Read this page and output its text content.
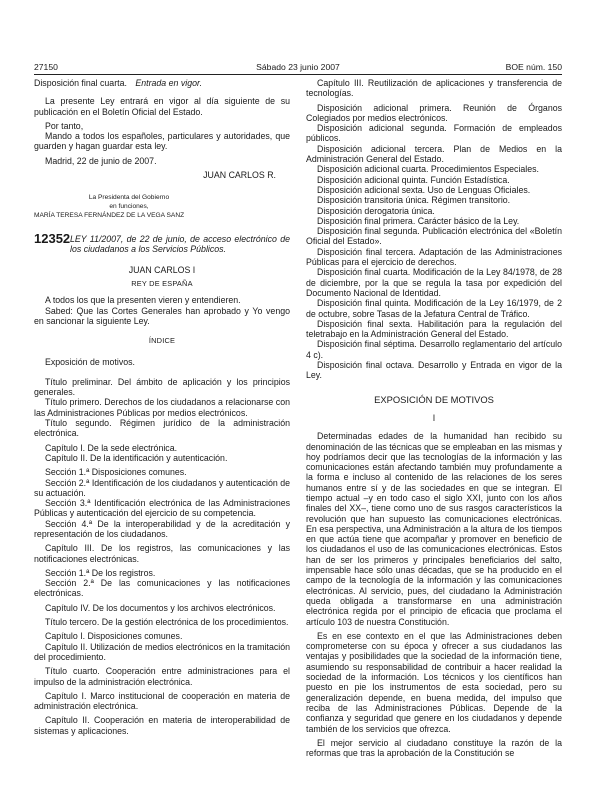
27150	Sábado 23 junio 2007	BOE núm. 150

Disposición final cuarta. Entrada en vigor.

La presente Ley entrará en vigor al día siguiente de su publicación en el Boletín Oficial del Estado.

Por tanto,

Mando a todos los españoles, particulares y autoridades, que guarden y hagan guardar esta ley.

Madrid, 22 de junio de 2007.

JUAN CARLOS R.
La Presidenta del Gobierno
en funciones,
MARÍA TERESA FERNÁNDEZ DE LA VEGA SANZ
12352 LEY 11/2007, de 22 de junio, de acceso electrónico de los ciudadanos a los Servicios Públicos.
JUAN CARLOS I
REY DE ESPAÑA

A todos los que la presenten vieren y entendieren.

Sabed: Que las Cortes Generales han aprobado y Yo vengo en sancionar la siguiente Ley.

ÍNDICE

Exposición de motivos.

Título preliminar. Del ámbito de aplicación y los principios generales.

Título primero. Derechos de los ciudadanos a relacionarse con las Administraciones Públicas por medios electrónicos.

Título segundo. Régimen jurídico de la administración electrónica.

Capítulo I. De la sede electrónica.

Capítulo II. De la identificación y autenticación.

Sección 1.ª Disposiciones comunes.

Sección 2.ª Identificación de los ciudadanos y autenticación de su actuación.

Sección 3.ª Identificación electrónica de las Administraciones Públicas y autenticación del ejercicio de su competencia.

Sección 4.ª De la interoperabilidad y de la acreditación y representación de los ciudadanos.

Capítulo III. De los registros, las comunicaciones y las notificaciones electrónicas.

Sección 1.ª De los registros.

Sección 2.ª De las comunicaciones y las notificaciones electrónicas.

Capítulo IV. De los documentos y los archivos electrónicos.

Título tercero. De la gestión electrónica de los procedimientos.

Capítulo I. Disposiciones comunes.

Capítulo II. Utilización de medios electrónicos en la tramitación del procedimiento.

Título cuarto. Cooperación entre administraciones para el impulso de la administración electrónica.

Capítulo I. Marco institucional de cooperación en materia de administración electrónica.

Capítulo II. Cooperación en materia de interoperabilidad de sistemas y aplicaciones.

Capítulo III. Reutilización de aplicaciones y transferencia de tecnologías.

Disposición adicional primera. Reunión de Órganos Colegiados por medios electrónicos.

Disposición adicional segunda. Formación de empleados públicos.

Disposición adicional tercera. Plan de Medios en la Administración General del Estado.

Disposición adicional cuarta. Procedimientos Especiales.

Disposición adicional quinta. Función Estadística.

Disposición adicional sexta. Uso de Lenguas Oficiales.

Disposición transitoria única. Régimen transitorio.

Disposición derogatoria única.

Disposición final primera. Carácter básico de la Ley.

Disposición final segunda. Publicación electrónica del «Boletín Oficial del Estado».

Disposición final tercera. Adaptación de las Administraciones Públicas para el ejercicio de derechos.

Disposición final cuarta. Modificación de la Ley 84/1978, de 28 de diciembre, por la que se regula la tasa por expedición del Documento Nacional de Identidad.

Disposición final quinta. Modificación de la Ley 16/1979, de 2 de octubre, sobre Tasas de la Jefatura Central de Tráfico.

Disposición final sexta. Habilitación para la regulación del teletrabajo en la Administración General del Estado.

Disposición final séptima. Desarrollo reglamentario del artículo 4 c).

Disposición final octava. Desarrollo y Entrada en vigor de la Ley.

EXPOSICIÓN DE MOTIVOS
I

Determinadas edades de la humanidad han recibido su denominación de las técnicas que se empleaban en las mismas y hoy podríamos decir que las tecnologías de la información y las comunicaciones están afectando también muy profundamente a la forma e incluso al contenido de las relaciones de los seres humanos entre sí y de las sociedades en que se integran. El tiempo actual –y en todo caso el siglo XXI, junto con los años finales del XX–, tiene como uno de sus rasgos característicos la revolución que han supuesto las comunicaciones electrónicas. En esa perspectiva, una Administración a la altura de los tiempos en que actúa tiene que acompañar y promover en beneficio de los ciudadanos el uso de las comunicaciones electrónicas. Estos han de ser los primeros y principales beneficiarios del salto, impensable hace sólo unas décadas, que se ha producido en el campo de la tecnología de la información y las comunicaciones electrónicas. Al servicio, pues, del ciudadano la Administración queda obligada a transformarse en una administración electrónica regida por el principio de eficacia que proclama el artículo 103 de nuestra Constitución.

Es en ese contexto en el que las Administraciones deben comprometerse con su época y ofrecer a sus ciudadanos las ventajas y posibilidades que la sociedad de la información tiene, asumiendo su responsabilidad de contribuir a hacer realidad la sociedad de la información. Los técnicos y los científicos han puesto en pie los instrumentos de esta sociedad, pero su generalización depende, en buena medida, del impulso que reciba de las Administraciones Públicas. Depende de la confianza y seguridad que genere en los ciudadanos y depende también de los servicios que ofrezca.

El mejor servicio al ciudadano constituye la razón de la reformas que tras la aprobación de la Constitución se
